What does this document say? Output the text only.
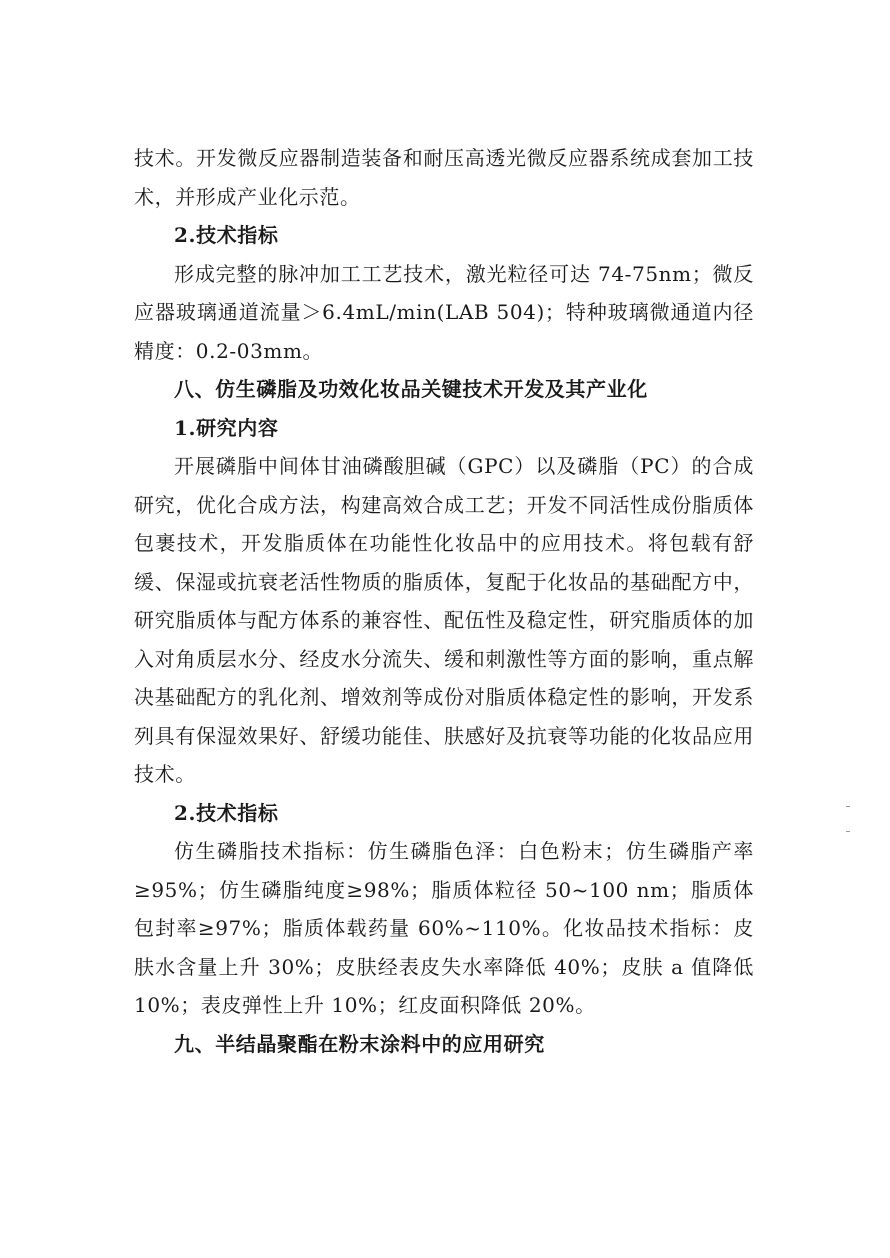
技术。开发微反应器制造装备和耐压高透光微反应器系统成套加工技术，并形成产业化示范。

2.技术指标

形成完整的脉冲加工工艺技术，激光粒径可达 74-75nm；微反应器玻璃通道流量＞6.4mL/min(LAB 504)；特种玻璃微通道内径精度：0.2-03mm。

八、仿生磷脂及功效化妆品关键技术开发及其产业化

1.研究内容

开展磷脂中间体甘油磷酸胆碱（GPC）以及磷脂（PC）的合成研究，优化合成方法，构建高效合成工艺；开发不同活性成份脂质体包裹技术，开发脂质体在功能性化妆品中的应用技术。将包载有舒缓、保湿或抗衰老活性物质的脂质体，复配于化妆品的基础配方中，研究脂质体与配方体系的兼容性、配伍性及稳定性，研究脂质体的加入对角质层水分、经皮水分流失、缓和刺激性等方面的影响，重点解决基础配方的乳化剂、增效剂等成份对脂质体稳定性的影响，开发系列具有保湿效果好、舒缓功能佳、肤感好及抗衰等功能的化妆品应用技术。

2.技术指标

仿生磷脂技术指标：仿生磷脂色泽：白色粉末；仿生磷脂产率≥95%；仿生磷脂纯度≥98%；脂质体粒径 50~100 nm；脂质体包封率≥97%；脂质体载药量 60%~110%。化妆品技术指标：皮肤水含量上升 30%；皮肤经表皮失水率降低 40%；皮肤 a 值降低 10%；表皮弹性上升 10%；红皮面积降低 20%。

九、半结晶聚酯在粉末涂料中的应用研究
